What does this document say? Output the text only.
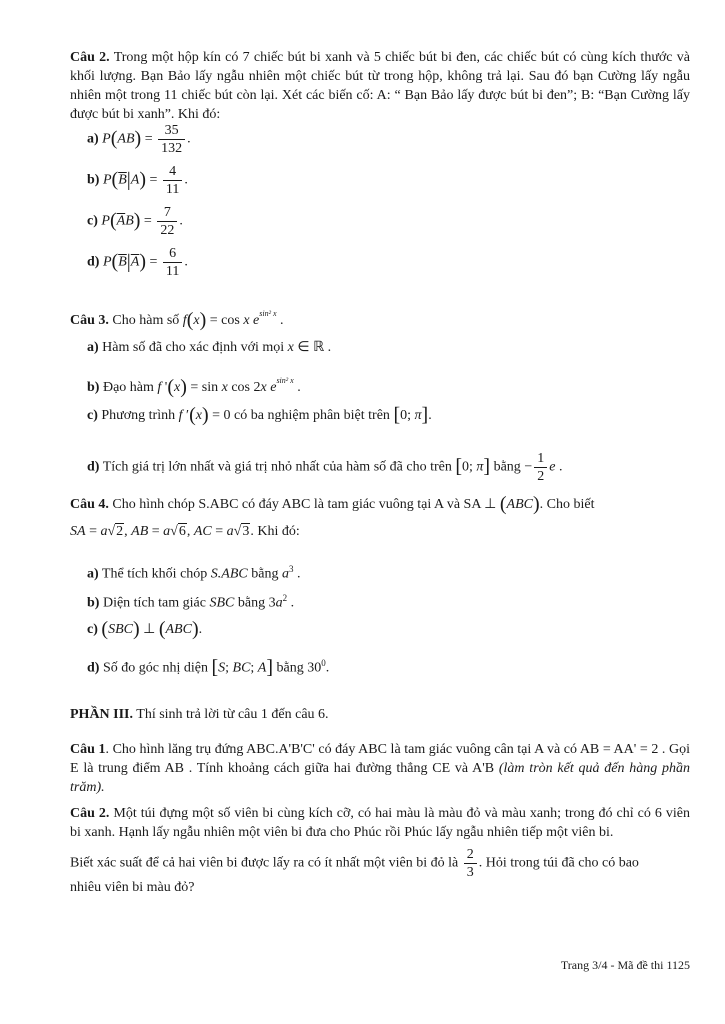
Câu 2. Trong một hộp kín có 7 chiếc bút bi xanh và 5 chiếc bút bi đen, các chiếc bút có cùng kích thước và khối lượng. Bạn Bảo lấy ngẫu nhiên một chiếc bút từ trong hộp, không trả lại. Sau đó bạn Cường lấy ngẫu nhiên một trong 11 chiếc bút còn lại. Xét các biến cố: A: “ Bạn Bảo lấy được bút bi đen”; B: “Bạn Cường lấy được bút bi xanh”. Khi đó:
a) $P(AB) = \frac{35}{132}$ .
b) $P(\overline{B}|A) = \frac{4}{11}$ .
c) $P(\overline{A}B) = \frac{7}{22}$ .
d) $P(\overline{B}|\overline{A}) = \frac{6}{11}$ .
Câu 3. Cho hàm số f(x) = cos x $e^{sin^2 x}$ .
a) Hàm số đã cho xác định với mọi x ∈ ℝ .
b) Đạo hàm f '(x) = sin x cos 2x $e^{sin^2 x}$ .
c) Phương trình f ′(x) = 0 có ba nghiệm phân biệt trên [0; π].
d) Tích giá trị lớn nhất và giá trị nhỏ nhất của hàm số đã cho trên [0; π] bằng − $\frac{1}{2}$ e .
Câu 4. Cho hình chóp S.ABC có đáy ABC là tam giác vuông tại A và SA ⊥ (ABC). Cho biết
SA = a√2, AB = a√6, AC = a√3. Khi đó:
a) Thể tích khối chóp S.ABC bằng $a^3$ .
b) Diện tích tam giác SBC bằng $3a^2$ .
c) (SBC) ⊥ (ABC).
d) Số đo góc nhị diện [S; BC; A] bằng $30^0$.
PHẦN III. Thí sinh trả lời từ câu 1 đến câu 6.
Câu 1. Cho hình lăng trụ đứng ABC.A'B'C' có đáy ABC là tam giác vuông cân tại A và có AB = AA' = 2 . Gọi E là trung điểm AB . Tính khoảng cách giữa hai đường thẳng CE và A'B (làm tròn kết quả đến hàng phần trăm).
Câu 2. Một túi đựng một số viên bi cùng kích cỡ, có hai màu là màu đỏ và màu xanh; trong đó chỉ có 6 viên bi xanh. Hạnh lấy ngẫu nhiên một viên bi đưa cho Phúc rồi Phúc lấy ngẫu nhiên tiếp một viên bi.
Biết xác suất để cả hai viên bi được lấy ra có ít nhất một viên bi đỏ là $\frac{2}{3}$ . Hỏi trong túi đã cho có bao
nhiêu viên bi màu đỏ?
Trang 3/4 - Mã đề thi 1125
